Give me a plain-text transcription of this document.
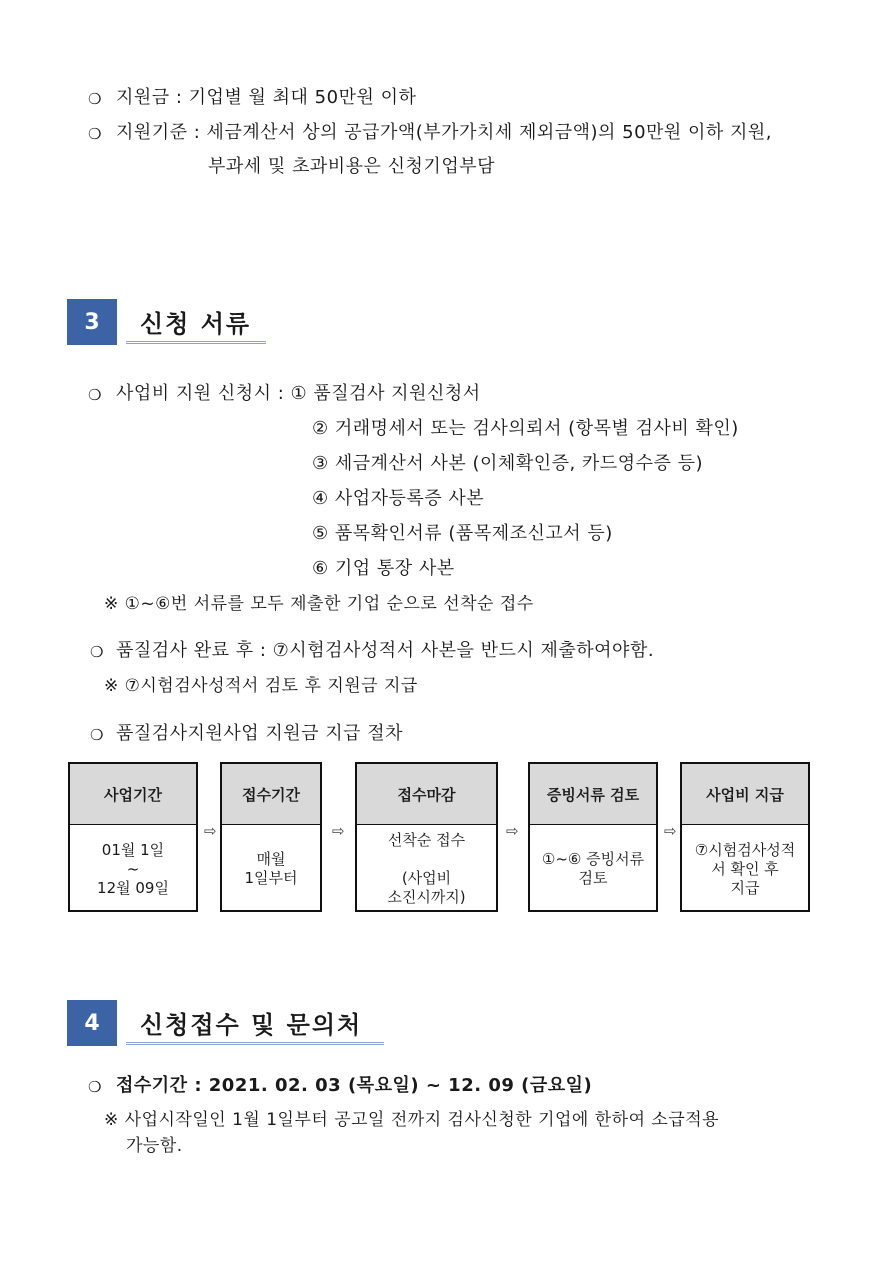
❍ 지원금 : 기업별 월 최대 50만원 이하
❍ 지원기준 : 세금계산서 상의 공급가액(부가가치세 제외금액)의 50만원 이하 지원,
부과세 및 초과비용은 신청기업부담
3	신청 서류
❍ 사업비 지원 신청시 : ① 품질검사 지원신청서
② 거래명세서 또는 검사의뢰서 (항목별 검사비 확인)
③ 세금계산서 사본 (이체확인증, 카드영수증 등)
④ 사업자등록증 사본
⑤ 품목확인서류 (품목제조신고서 등)
⑥ 기업 통장 사본
※ ①~⑥번 서류를 모두 제출한 기업 순으로 선착순 접수
❍ 품질검사 완료 후 : ⑦시험검사성적서 사본을 반드시 제출하여야함.
※ ⑦시험검사성적서 검토 후 지원금 지급
❍ 품질검사지원사업 지원금 지급 절차
사업기간
01월 1일
~
12월 09일
⇨
접수기간
매월
1일부터
⇨
접수마감
선착순 접수

(사업비
소진시까지)
⇨
증빙서류 검토
①~⑥ 증빙서류
검토
⇨
사업비 지급
⑦시험검사성적
서 확인 후
지급
4	신청접수 및 문의처
❍ 접수기간 : 2021. 02. 03 (목요일) ~ 12. 09 (금요일)
※ 사업시작일인 1월 1일부터 공고일 전까지 검사신청한 기업에 한하여 소급적용
가능함.
